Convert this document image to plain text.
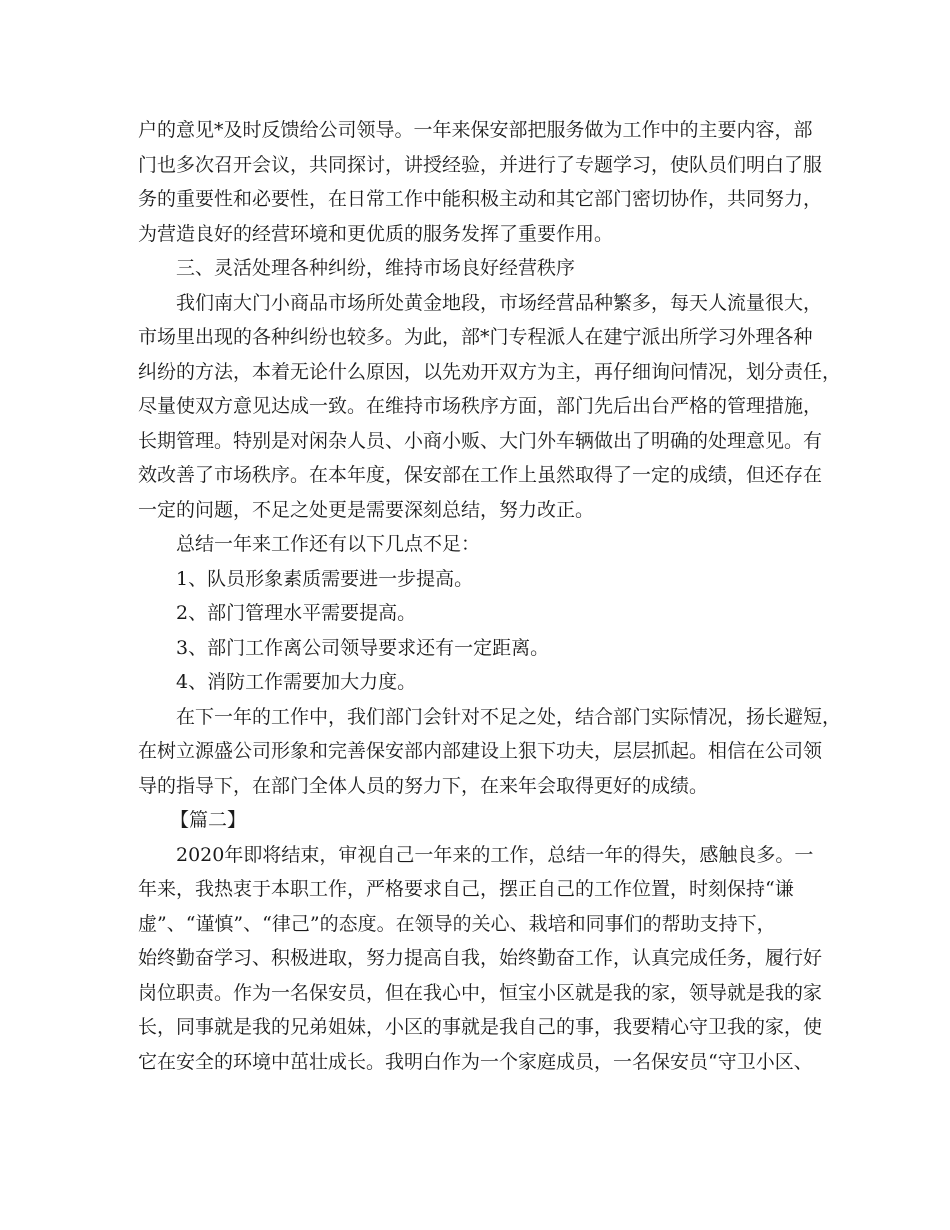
户的意见*及时反馈给公司领导。一年来保安部把服务做为工作中的主要内容，部
门也多次召开会议，共同探讨，讲授经验，并进行了专题学习，使队员们明白了服
务的重要性和必要性，在日常工作中能积极主动和其它部门密切协作，共同努力，
为营造良好的经营环境和更优质的服务发挥了重要作用。
三、灵活处理各种纠纷，维持市场良好经营秩序
我们南大门小商品市场所处黄金地段，市场经营品种繁多，每天人流量很大，
市场里出现的各种纠纷也较多。为此，部*门专程派人在建宁派出所学习外理各种
纠纷的方法，本着无论什么原因，以先劝开双方为主，再仔细询问情况，划分责任，
尽量使双方意见达成一致。在维持市场秩序方面，部门先后出台严格的管理措施，
长期管理。特别是对闲杂人员、小商小贩、大门外车辆做出了明确的处理意见。有
效改善了市场秩序。在本年度，保安部在工作上虽然取得了一定的成绩，但还存在
一定的问题，不足之处更是需要深刻总结，努力改正。
总结一年来工作还有以下几点不足：
1、队员形象素质需要进一步提高。
2、部门管理水平需要提高。
3、部门工作离公司领导要求还有一定距离。
4、消防工作需要加大力度。
在下一年的工作中，我们部门会针对不足之处，结合部门实际情况，扬长避短，
在树立源盛公司形象和完善保安部内部建设上狠下功夫，层层抓起。相信在公司领
导的指导下，在部门全体人员的努力下，在来年会取得更好的成绩。
【篇二】
2020年即将结束，审视自己一年来的工作，总结一年的得失，感触良多。一
年来，我热衷于本职工作，严格要求自己，摆正自己的工作位置，时刻保持“谦
虚”、“谨慎”、“律己”的态度。在领导的关心、栽培和同事们的帮助支持下，
始终勤奋学习、积极进取，努力提高自我，始终勤奋工作，认真完成任务，履行好
岗位职责。作为一名保安员，但在我心中，恒宝小区就是我的家，领导就是我的家
长，同事就是我的兄弟姐妹，小区的事就是我自己的事，我要精心守卫我的家，使
它在安全的环境中茁壮成长。我明白作为一个家庭成员，一名保安员“守卫小区、
